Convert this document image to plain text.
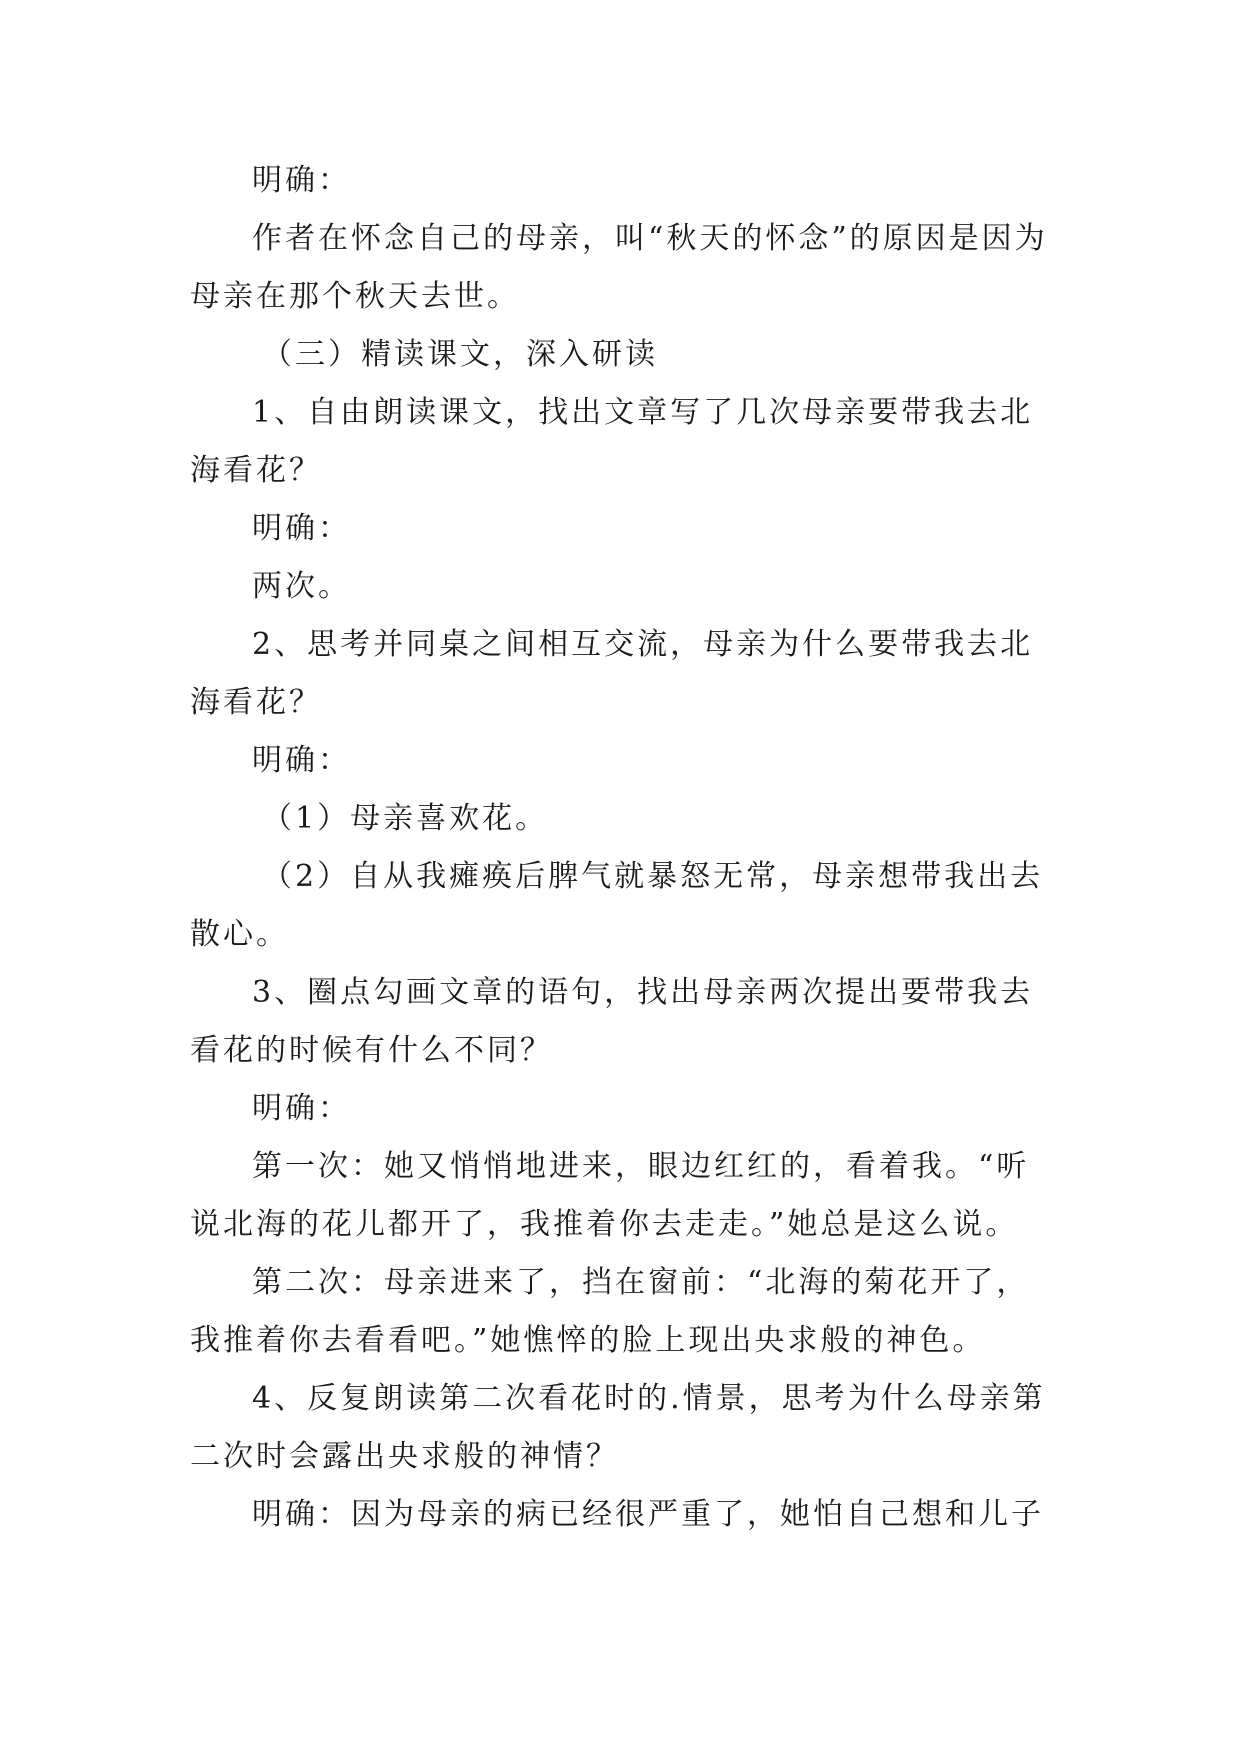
明确：

作者在怀念自己的母亲，叫“秋天的怀念”的原因是因为母亲在那个秋天去世。

（三）精读课文，深入研读

1、自由朗读课文，找出文章写了几次母亲要带我去北海看花？

明确：

两次。

2、思考并同桌之间相互交流，母亲为什么要带我去北海看花？

明确：

（1）母亲喜欢花。

（2）自从我瘫痪后脾气就暴怒无常，母亲想带我出去散心。

3、圈点勾画文章的语句，找出母亲两次提出要带我去看花的时候有什么不同？

明确：

第一次：她又悄悄地进来，眼边红红的，看着我。“听说北海的花儿都开了，我推着你去走走。”她总是这么说。

第二次：母亲进来了，挡在窗前：“北海的菊花开了，我推着你去看看吧。”她憔悴的脸上现出央求般的神色。

4、反复朗读第二次看花时的.情景，思考为什么母亲第二次时会露出央求般的神情？

明确：因为母亲的病已经很严重了，她怕自己想和儿子
